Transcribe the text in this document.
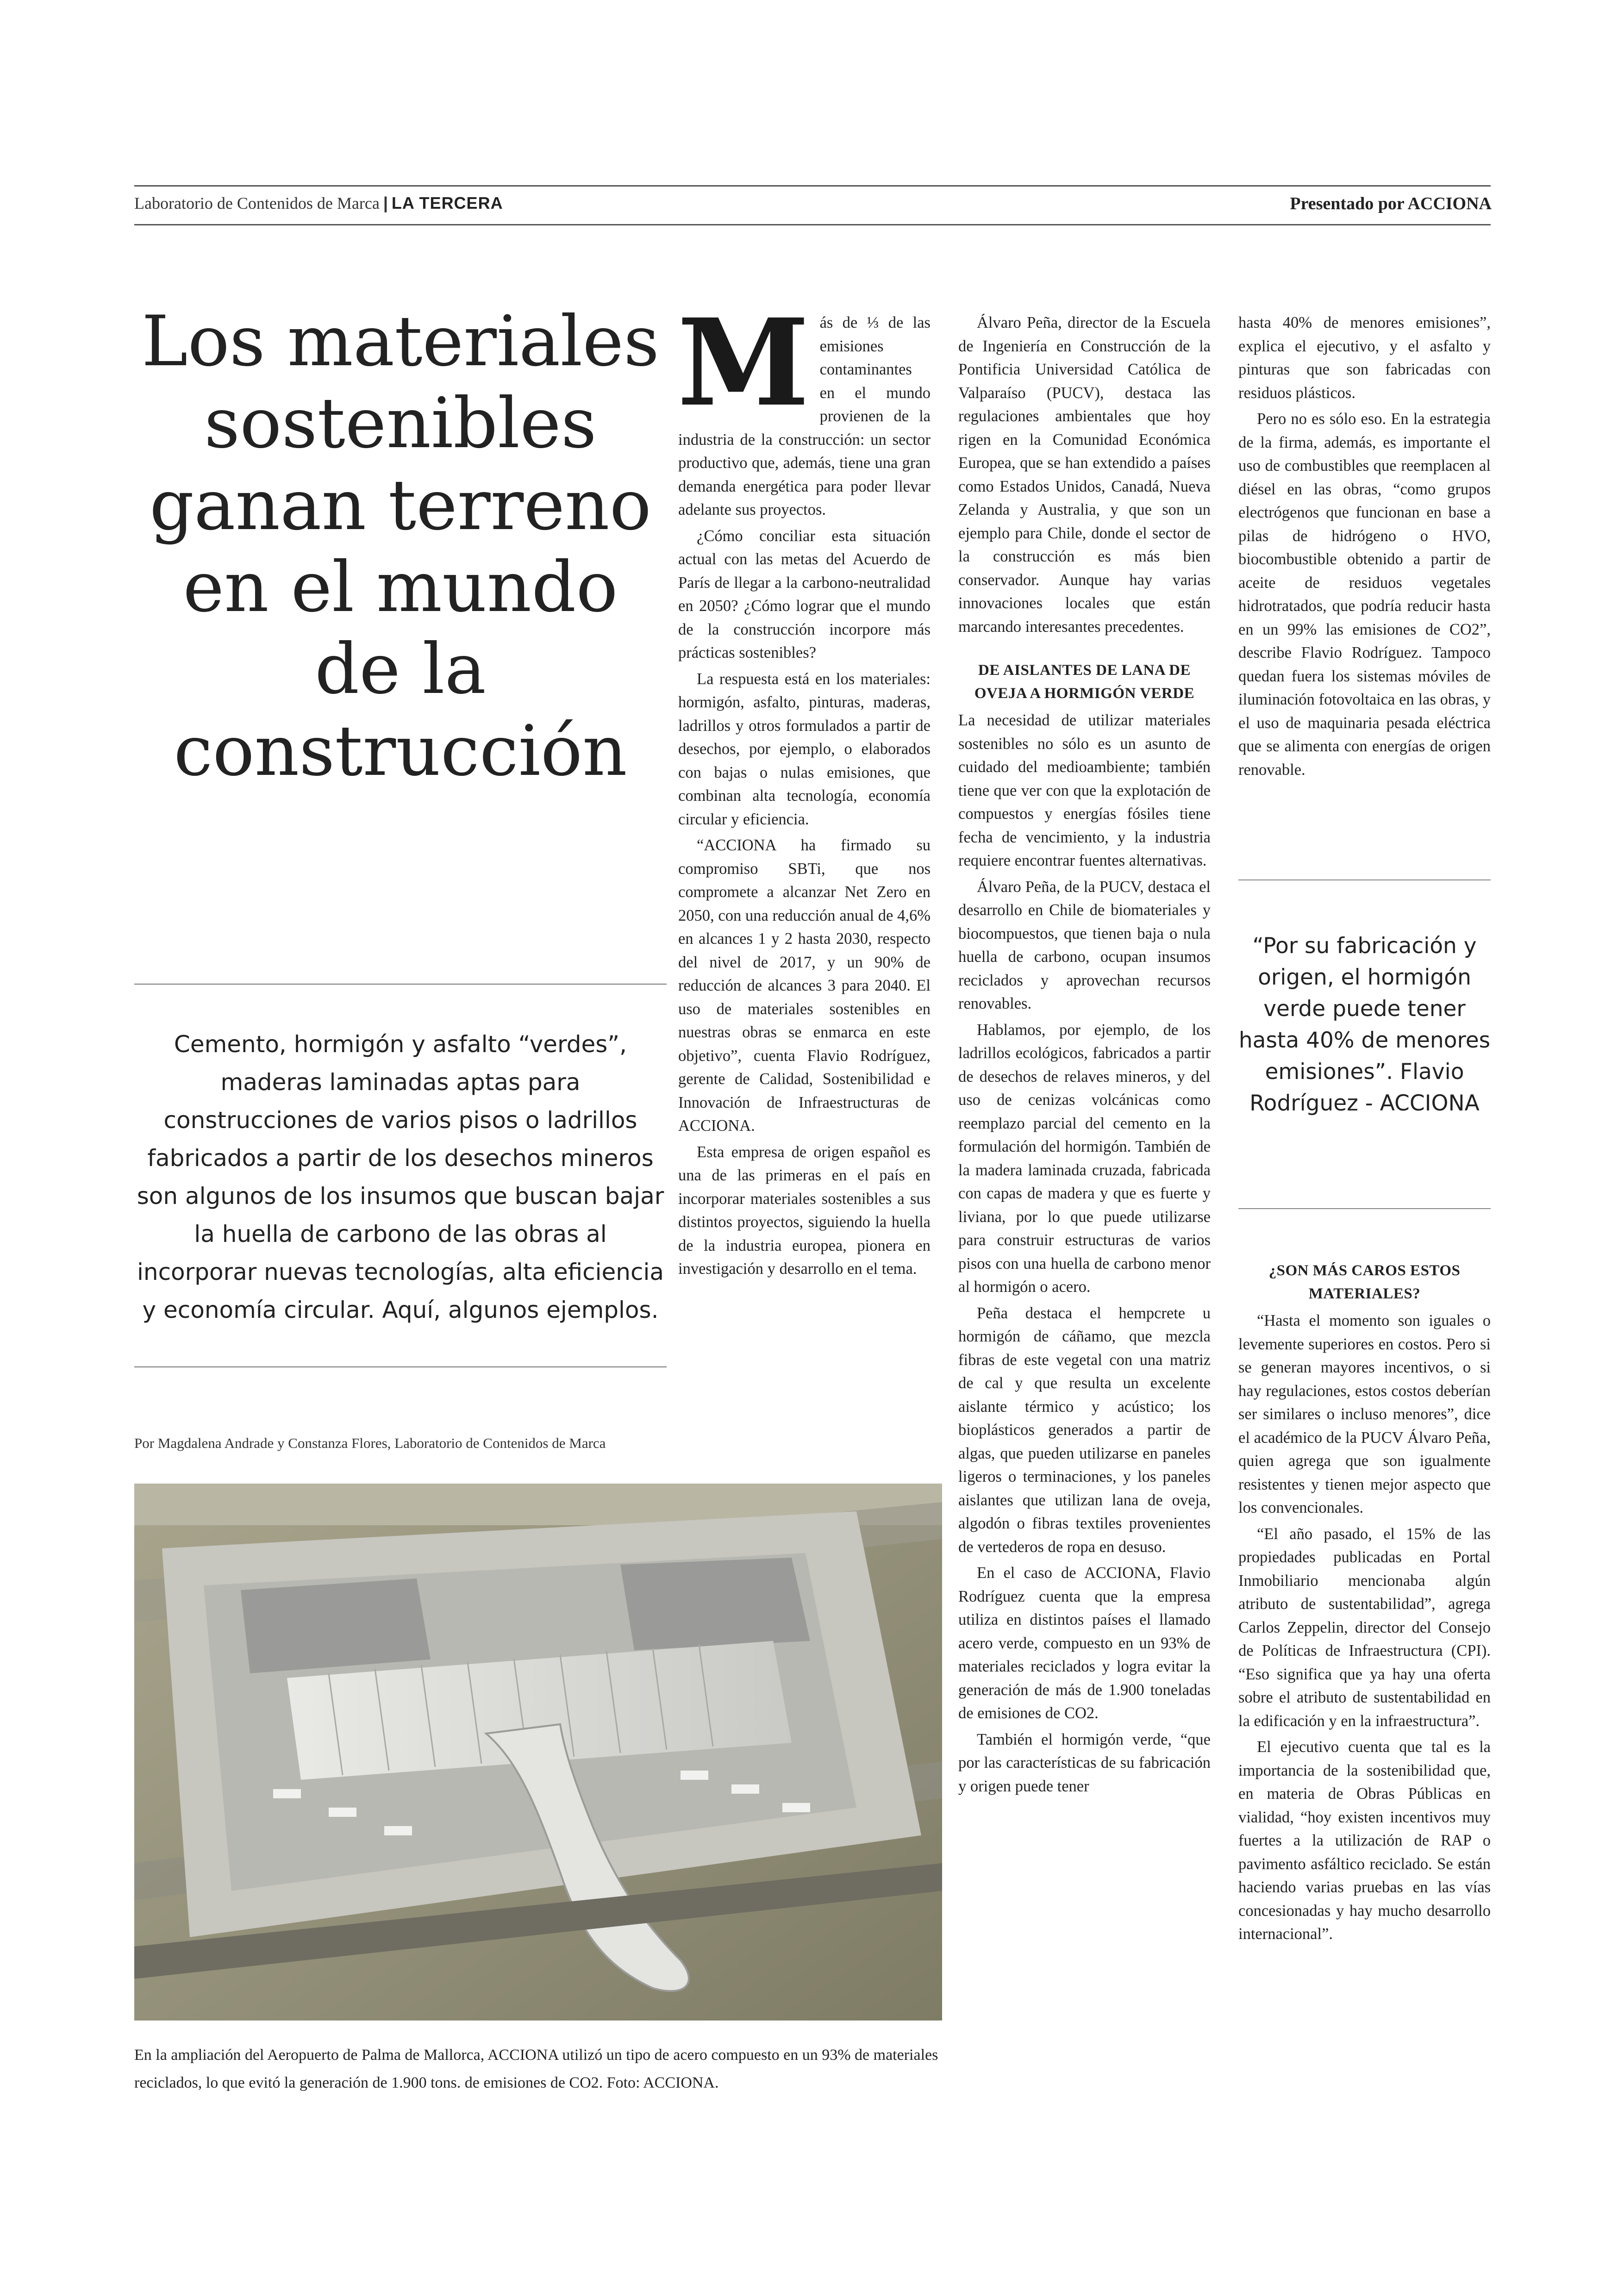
Laboratorio de Contenidos de Marca | LA TERCERA	Presentado por ACCIONA
Los materiales sostenibles ganan terreno en el mundo de la construcción

Cemento, hormigón y asfalto “verdes”, maderas laminadas aptas para construcciones de varios pisos o ladrillos fabricados a partir de los desechos mineros son algunos de los insumos que buscan bajar la huella de carbono de las obras al incorporar nuevas tecnologías, alta eficiencia y economía circular. Aquí, algunos ejemplos.

Por Magdalena Andrade y Constanza Flores, Laboratorio de Contenidos de Marca
En la ampliación del Aeropuerto de Palma de Mallorca, ACCIONA utilizó un tipo de acero compuesto en un 93% de materiales reciclados, lo que evitó la generación de 1.900 tons. de emisiones de CO2. Foto: ACCIONA.
M ás de ⅓ de las emisiones contaminantes en el mundo provienen de la industria de la construcción: un sector productivo que, además, tiene una gran demanda energética para poder llevar adelante sus proyectos.

¿Cómo conciliar esta situación actual con las metas del Acuerdo de París de llegar a la carbono-neutralidad en 2050? ¿Cómo lograr que el mundo de la construcción incorpore más prácticas sostenibles?

La respuesta está en los materiales: hormigón, asfalto, pinturas, maderas, ladrillos y otros formulados a partir de desechos, por ejemplo, o elaborados con bajas o nulas emisiones, que combinan alta tecnología, economía circular y eficiencia.

“ACCIONA ha firmado su compromiso SBTi, que nos compromete a alcanzar Net Zero en 2050, con una reducción anual de 4,6% en alcances 1 y 2 hasta 2030, respecto del nivel de 2017, y un 90% de reducción de alcances 3 para 2040. El uso de materiales sostenibles en nuestras obras se enmarca en este objetivo”, cuenta Flavio Rodríguez, gerente de Calidad, Sostenibilidad e Innovación de Infraestructuras de ACCIONA.

Esta empresa de origen español es una de las primeras en el país en incorporar materiales sostenibles a sus distintos proyectos, siguiendo la huella de la industria europea, pionera en investigación y desarrollo en el tema.

Álvaro Peña, director de la Escuela de Ingeniería en Construcción de la Pontificia Universidad Católica de Valparaíso (PUCV), destaca las regulaciones ambientales que hoy rigen en la Comunidad Económica Europea, que se han extendido a países como Estados Unidos, Canadá, Nueva Zelanda y Australia, y que son un ejemplo para Chile, donde el sector de la construcción es más bien conservador. Aunque hay varias innovaciones locales que están marcando interesantes precedentes.

DE AISLANTES DE LANA DE OVEJA A HORMIGÓN VERDE

La necesidad de utilizar materiales sostenibles no sólo es un asunto de cuidado del medioambiente; también tiene que ver con que la explotación de compuestos y energías fósiles tiene fecha de vencimiento, y la industria requiere encontrar fuentes alternativas.

Álvaro Peña, de la PUCV, destaca el desarrollo en Chile de biomateriales y biocompuestos, que tienen baja o nula huella de carbono, ocupan insumos reciclados y aprovechan recursos renovables.

Hablamos, por ejemplo, de los ladrillos ecológicos, fabricados a partir de desechos de relaves mineros, y del uso de cenizas volcánicas como reemplazo parcial del cemento en la formulación del hormigón. También de la madera laminada cruzada, fabricada con capas de madera y que es fuerte y liviana, por lo que puede utilizarse para construir estructuras de varios pisos con una huella de carbono menor al hormigón o acero.

Peña destaca el hempcrete u hormigón de cáñamo, que mezcla fibras de este vegetal con una matriz de cal y que resulta un excelente aislante térmico y acústico; los bioplásticos generados a partir de algas, que pueden utilizarse en paneles ligeros o terminaciones, y los paneles aislantes que utilizan lana de oveja, algodón o fibras textiles provenientes de vertederos de ropa en desuso.

En el caso de ACCIONA, Flavio Rodríguez cuenta que la empresa utiliza en distintos países el llamado acero verde, compuesto en un 93% de materiales reciclados y logra evitar la generación de más de 1.900 toneladas de emisiones de CO2.

También el hormigón verde, “que por las características de su fabricación y origen puede tener

hasta 40% de menores emisiones”, explica el ejecutivo, y el asfalto y pinturas que son fabricadas con residuos plásticos.

Pero no es sólo eso. En la estrategia de la firma, además, es importante el uso de combustibles que reemplacen al diésel en las obras, “como grupos electrógenos que funcionan en base a pilas de hidrógeno o HVO, biocombustible obtenido a partir de aceite de residuos vegetales hidrotratados, que podría reducir hasta en un 99% las emisiones de CO2”, describe Flavio Rodríguez. Tampoco quedan fuera los sistemas móviles de iluminación fotovoltaica en las obras, y el uso de maquinaria pesada eléctrica que se alimenta con energías de origen renovable.

“Por su fabricación y origen, el hormigón verde puede tener hasta 40% de menores emisiones”. Flavio Rodríguez - ACCIONA
¿SON MÁS CAROS ESTOS MATERIALES?

“Hasta el momento son iguales o levemente superiores en costos. Pero si se generan mayores incentivos, o si hay regulaciones, estos costos deberían ser similares o incluso menores”, dice el académico de la PUCV Álvaro Peña, quien agrega que son igualmente resistentes y tienen mejor aspecto que los convencionales.

“El año pasado, el 15% de las propiedades publicadas en Portal Inmobiliario mencionaba algún atributo de sustentabilidad”, agrega Carlos Zeppelin, director del Consejo de Políticas de Infraestructura (CPI). “Eso significa que ya hay una oferta sobre el atributo de sustentabilidad en la edificación y en la infraestructura”.

El ejecutivo cuenta que tal es la importancia de la sostenibilidad que, en materia de Obras Públicas en vialidad, “hoy existen incentivos muy fuertes a la utilización de RAP o pavimento asfáltico reciclado. Se están haciendo varias pruebas en las vías concesionadas y hay mucho desarrollo internacional”.
